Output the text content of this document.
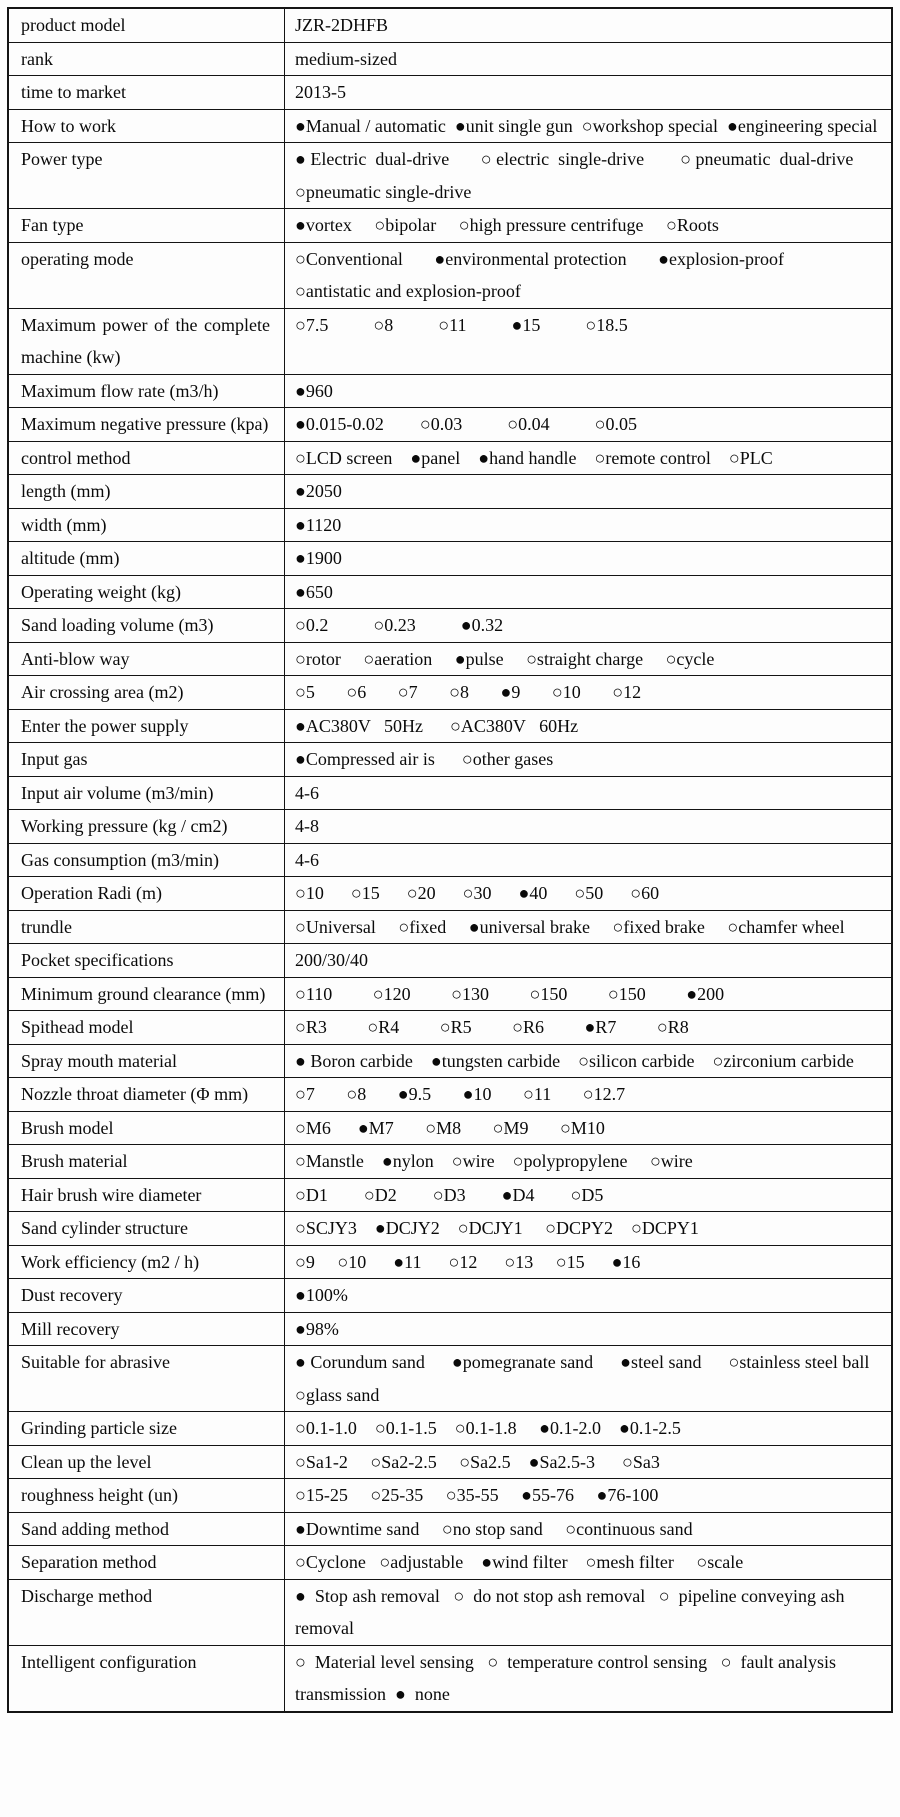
product model	JZR-2DHFB
rank	medium-sized
time to market	2013-5
How to work	●Manual / automatic  ●unit single gun  ○workshop special  ●engineering special
Power type	● Electric  dual-drive       ○ electric  single-drive        ○ pneumatic  dual-drive   ○pneumatic single-drive
Fan type	●vortex     ○bipolar     ○high pressure centrifuge     ○Roots
operating mode	○Conventional       ●environmental protection       ●explosion-proof       ○antistatic and explosion-proof
Maximum power of the complete machine (kw)	○7.5          ○8          ○11          ●15          ○18.5
Maximum flow rate (m3/h)	●960
Maximum negative pressure (kpa)	●0.015-0.02        ○0.03          ○0.04          ○0.05
control method	○LCD screen    ●panel    ●hand handle    ○remote control    ○PLC
length (mm)	●2050
width (mm)	●1120
altitude (mm)	●1900
Operating weight (kg)	●650
Sand loading volume (m3)	○0.2          ○0.23          ●0.32
Anti-blow way	○rotor     ○aeration     ●pulse     ○straight charge     ○cycle
Air crossing area (m2)	○5       ○6       ○7       ○8       ●9       ○10       ○12
Enter the power supply	●AC380V   50Hz      ○AC380V   60Hz
Input gas	●Compressed air is      ○other gases
Input air volume (m3/min)	4-6
Working pressure (kg / cm2)	4-8
Gas consumption (m3/min)	4-6
Operation Radi (m)	○10      ○15      ○20      ○30      ●40      ○50      ○60
trundle	○Universal     ○fixed     ●universal brake     ○fixed brake     ○chamfer wheel
Pocket specifications	200/30/40
Minimum ground clearance (mm)	○110         ○120         ○130         ○150         ○150         ●200
Spithead model	○R3         ○R4         ○R5         ○R6         ●R7         ○R8
Spray mouth material	● Boron carbide    ●tungsten carbide    ○silicon carbide    ○zirconium carbide
Nozzle throat diameter (Φ mm)	○7       ○8       ●9.5       ●10       ○11       ○12.7
Brush model	○M6      ●M7       ○M8       ○M9       ○M10
Brush material	○Manstle    ●nylon    ○wire    ○polypropylene     ○wire
Hair brush wire diameter	○D1        ○D2        ○D3        ●D4        ○D5
Sand cylinder structure	○SCJY3    ●DCJY2    ○DCJY1     ○DCPY2    ○DCPY1
Work efficiency (m2 / h)	○9     ○10      ●11      ○12      ○13     ○15      ●16
Dust recovery	●100%
Mill recovery	●98%
Suitable for abrasive	● Corundum sand      ●pomegranate sand      ●steel sand      ○stainless steel ball ○glass sand
Grinding particle size	○0.1-1.0    ○0.1-1.5    ○0.1-1.8     ●0.1-2.0    ●0.1-2.5
Clean up the level	○Sa1-2     ○Sa2-2.5     ○Sa2.5    ●Sa2.5-3      ○Sa3
roughness height (un)	○15-25     ○25-35     ○35-55     ●55-76     ●76-100
Sand adding method	●Downtime sand     ○no stop sand     ○continuous sand
Separation method	○Cyclone   ○adjustable    ●wind filter    ○mesh filter     ○scale
Discharge method	●  Stop ash removal   ○  do not stop ash removal   ○  pipeline conveying ash removal
Intelligent configuration	○  Material level sensing   ○  temperature control sensing   ○  fault analysis transmission  ●  none
